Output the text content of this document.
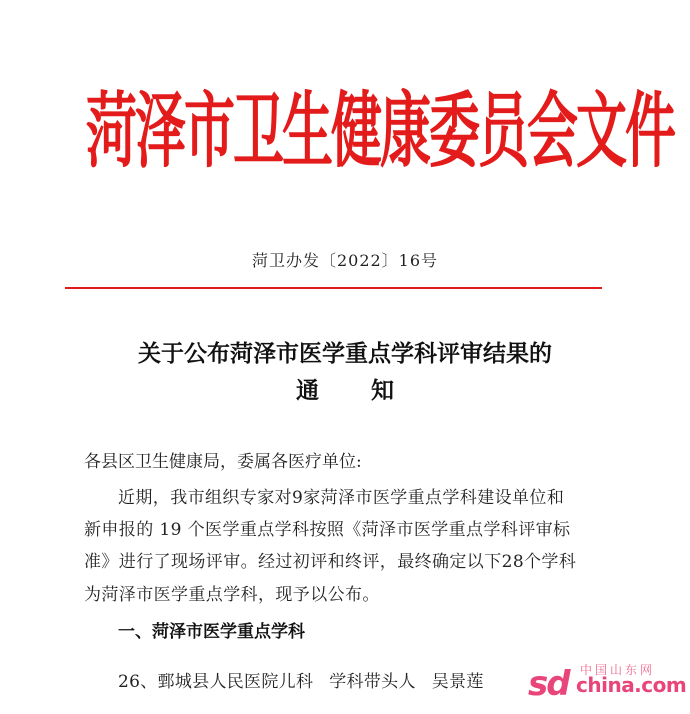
菏泽市卫生健康委员会文件
菏卫办发〔2022〕16号
关于公布菏泽市医学重点学科评审结果的
通 知
各县区卫生健康局，委属各医疗单位:
近期，我市组织专家对9家菏泽市医学重点学科建设单位和
新申报的 19 个医学重点学科按照《菏泽市医学重点学科评审标
准》进行了现场评审。经过初评和终评，最终确定以下28个学科
为菏泽市医学重点学科，现予以公布。
一、菏泽市医学重点学科
26、鄄城县人民医院儿科 学科带头人 吴景莲 sd 中国山东网
china.com
